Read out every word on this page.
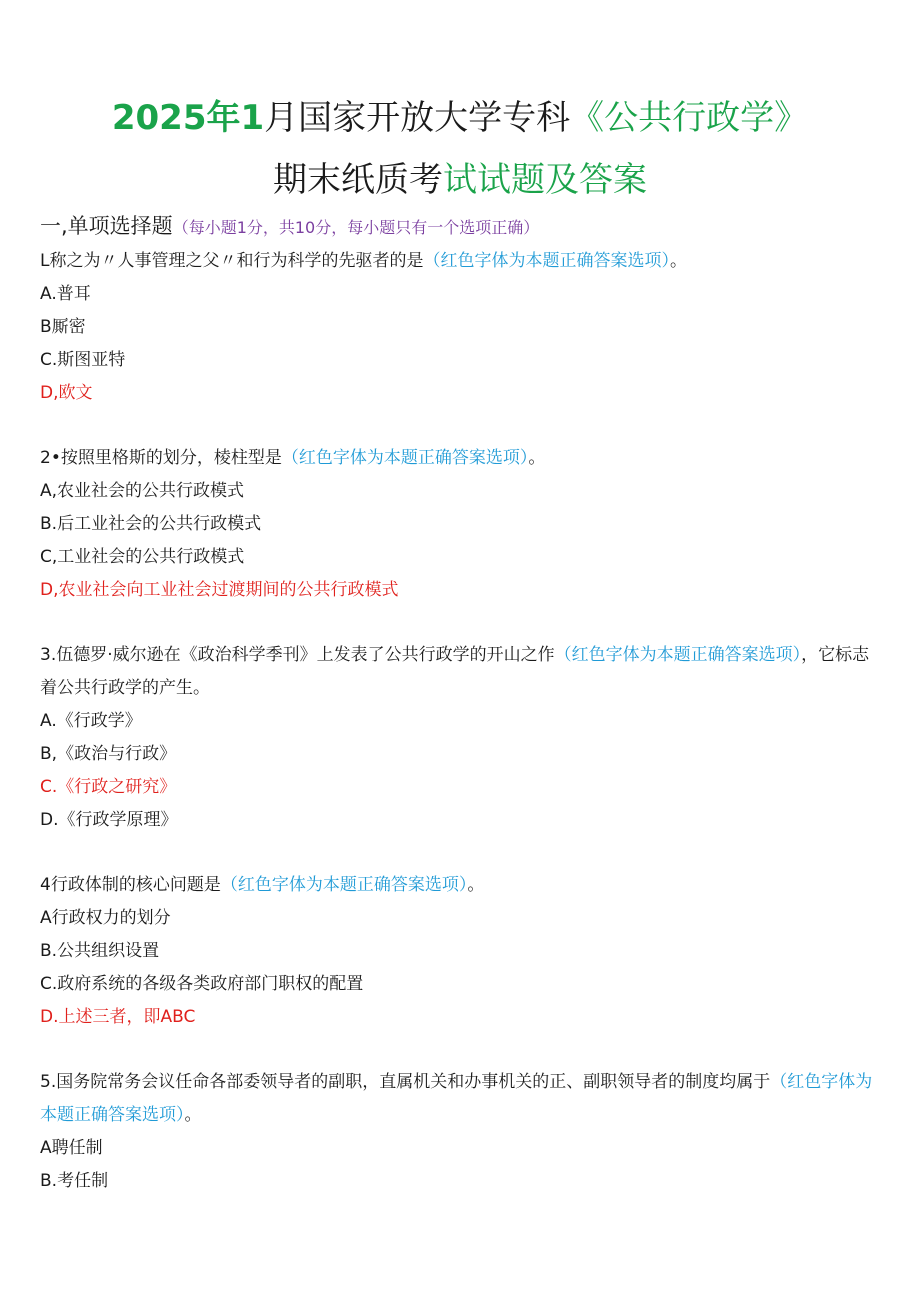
2025年1月国家开放大学专科《公共行政学》
期末纸质考试试题及答案
一,单项选择题（每小题1分，共10分，每小题只有一个选项正确）

L称之为〃人事管理之父〃和行为科学的先驱者的是（红色字体为本题正确答案选项）。

A.普耳

B厮密

C.斯图亚特

D,欧文

2•按照里格斯的划分，棱柱型是（红色字体为本题正确答案选项）。

A,农业社会的公共行政模式

B.后工业社会的公共行政模式

C,工业社会的公共行政模式

D,农业社会向工业社会过渡期间的公共行政模式

3.伍德罗·威尔逊在《政治科学季刊》上发表了公共行政学的开山之作（红色字体为本题正确答案选项），它标志着公共行政学的产生。

A.《行政学》

B,《政治与行政》

C.《行政之研究》

D.《行政学原理》

4行政体制的核心问题是（红色字体为本题正确答案选项）。

A行政权力的划分

B.公共组织设置

C.政府系统的各级各类政府部门职权的配置

D.上述三者，即ABC

5.国务院常务会议任命各部委领导者的副职，直属机关和办事机关的正、副职领导者的制度均属于（红色字体为本题正确答案选项）。

A聘任制

B.考任制
